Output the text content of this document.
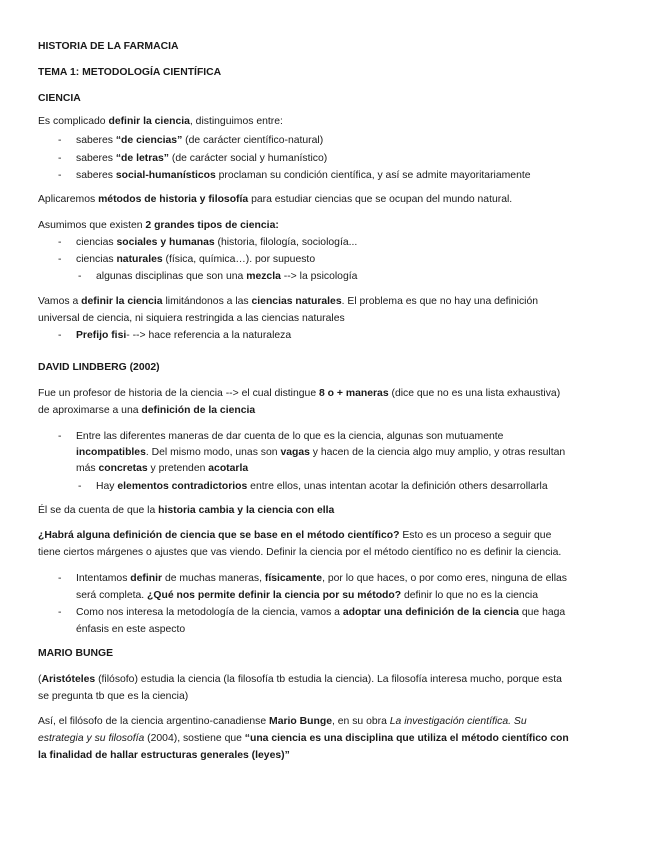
HISTORIA DE LA FARMACIA
TEMA 1: METODOLOGÍA CIENTÍFICA
CIENCIA
Es complicado definir la ciencia, distinguimos entre:
-	saberes “de ciencias” (de carácter científico-natural)
-	saberes “de letras” (de carácter social y humanístico)
-	saberes social-humanísticos proclaman su condición científica, y así se admite mayoritariamente
Aplicaremos métodos de historia y filosofía para estudiar ciencias que se ocupan del mundo natural.
Asumimos que existen 2 grandes tipos de ciencia:
-	ciencias sociales y humanas (historia, filología, sociología...
-	ciencias naturales (física, química…). por supuesto
-	algunas disciplinas que son una mezcla --> la psicología
Vamos a definir la ciencia limitándonos a las ciencias naturales. El problema es que no hay una definición
universal de ciencia, ni siquiera restringida a las ciencias naturales
-	Prefijo fisi- --> hace referencia a la naturaleza
DAVID LINDBERG (2002)
Fue un profesor de historia de la ciencia --> el cual distingue 8 o + maneras (dice que no es una lista exhaustiva)
de aproximarse a una definición de la ciencia
-	Entre las diferentes maneras de dar cuenta de lo que es la ciencia, algunas son mutuamente
incompatibles. Del mismo modo, unas son vagas y hacen de la ciencia algo muy amplio, y otras resultan
más concretas y pretenden acotarla
-	Hay elementos contradictorios entre ellos, unas intentan acotar la definición others desarrollarla
Él se da cuenta de que la historia cambia y la ciencia con ella
¿Habrá alguna definición de ciencia que se base en el método científico? Esto es un proceso a seguir que
tiene ciertos márgenes o ajustes que vas viendo. Definir la ciencia por el método científico no es definir la ciencia.
-	Intentamos definir de muchas maneras, físicamente, por lo que haces, o por como eres, ninguna de ellas
será completa. ¿Qué nos permite definir la ciencia por su método? definir lo que no es la ciencia
-	Como nos interesa la metodología de la ciencia, vamos a adoptar una definición de la ciencia que haga
énfasis en este aspecto
MARIO BUNGE
(Aristóteles (filósofo) estudia la ciencia (la filosofía tb estudia la ciencia). La filosofía interesa mucho, porque esta
se pregunta tb que es la ciencia)
Así, el filósofo de la ciencia argentino-canadiense Mario Bunge, en su obra La investigación científica. Su
estrategia y su filosofía (2004), sostiene que “una ciencia es una disciplina que utiliza el método científico con
la finalidad de hallar estructuras generales (leyes)”
